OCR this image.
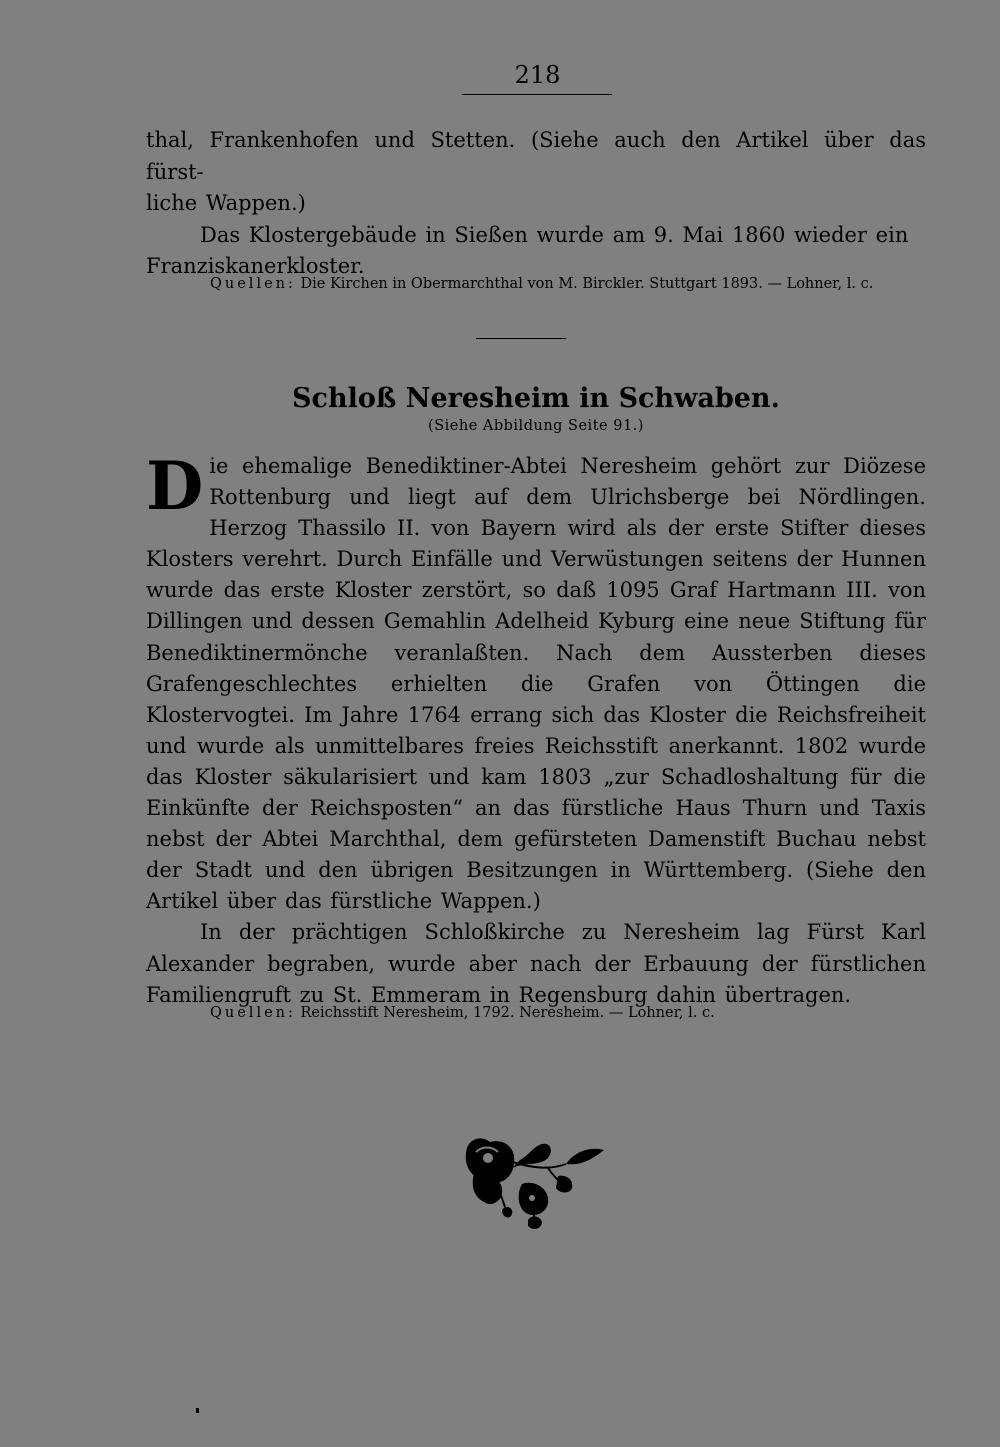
218
thal, Frankenhofen und Stetten. (Siehe auch den Artikel über das fürst-
liche Wappen.)
Das Klostergebäude in Sießen wurde am 9. Mai 1860 wieder ein
Franziskanerkloster.
Quellen: Die Kirchen in Obermarchthal von M. Birckler. Stuttgart 1893. — Lohner, l. c.
Schloß Neresheim in Schwaben.
(Siehe Abbildung Seite 91.)

Die ehemalige Benediktiner-Abtei Neresheim gehört zur Diözese Rottenburg und liegt auf dem Ulrichsberge bei Nördlingen. Herzog Thassilo II. von Bayern wird als der erste Stifter dieses Klosters verehrt. Durch Einfälle und Verwüstungen seitens der Hunnen wurde das erste Kloster zerstört, so daß 1095 Graf Hartmann III. von Dillingen und dessen Gemahlin Adelheid Kyburg eine neue Stiftung für Benediktinermönche veranlaßten. Nach dem Aussterben dieses Grafengeschlechtes erhielten die Grafen von Öttingen die Klostervogtei. Im Jahre 1764 errang sich das Kloster die Reichsfreiheit und wurde als unmittelbares freies Reichsstift anerkannt. 1802 wurde das Kloster säkularisiert und kam 1803 „zur Schadloshaltung für die Einkünfte der Reichsposten“ an das fürstliche Haus Thurn und Taxis nebst der Abtei Marchthal, dem gefürsteten Damenstift Buchau nebst der Stadt und den übrigen Besitzungen in Württemberg. (Siehe den Artikel über das fürstliche Wappen.)

In der prächtigen Schloßkirche zu Neresheim lag Fürst Karl Alexander begraben, wurde aber nach der Erbauung der fürstlichen Familiengruft zu St. Emmeram in Regensburg dahin übertragen.

Quellen: Reichsstift Neresheim, 1792. Neresheim. — Lohner, l. c.
